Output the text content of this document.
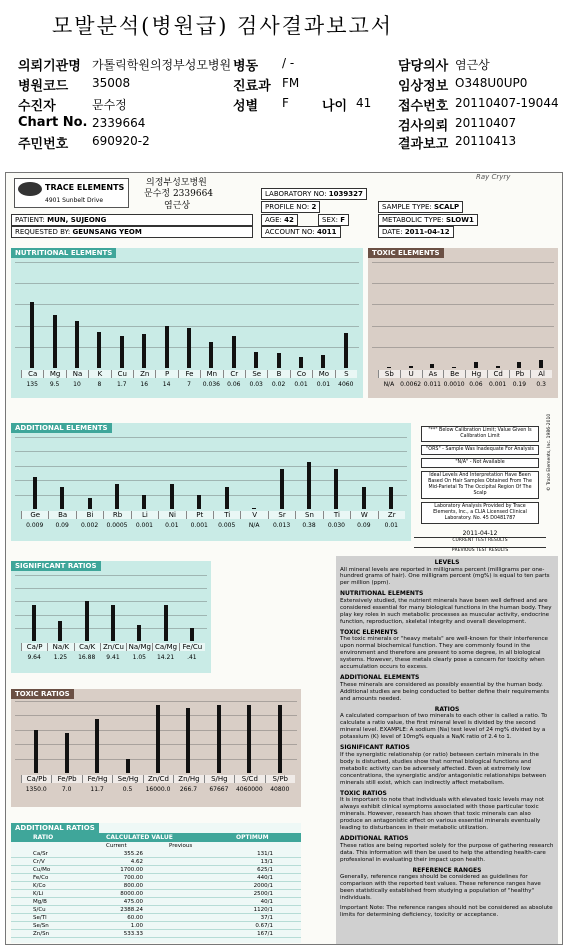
모발분석(병원급) 검사결과보고서
의뢰기관명 가톨릭학원의정부성모병원 병동 / -	담당의사 염근상
병원코드 35008	진료과 FM	임상정보 O348U0UP0
수진자	문수정	성별 F	나이 41 접수번호 20110407-19044
Chart No. 2339664	검사의뢰 20110407
주민번호 690920-2	결과보고 20110413
TRACE ELEMENTS
4901 Sunbelt Drive
의정부성모병원
문수정 2339664
염근상
Ray Cryry
LABORATORY NO: 1039327
PROFILE NO: 2	SAMPLE TYPE: SCALP
PATIENT: MUN, SUJEONG	AGE: 42	SEX: F	METABOLIC TYPE: SLOW1
REQUESTED BY: GEUNSANG YEOM	ACCOUNT NO: 4011	DATE: 2011-04-12
NUTRITIONAL ELEMENTS
Ca
135
Mg
9.5
Na
10
K
8
Cu
1.7
Zn
16
P
14
Fe
7
Mn
0.036
Cr
0.06
Se
0.03
B
0.02
Co
0.01
Mo
0.01
S
4060
TOXIC ELEMENTS
Sb
N/A
U
0.0062
As
0.011
Be
0.0010
Hg
0.06
Cd
0.001
Pb
0.19
Al
0.3
ADDITIONAL ELEMENTS
Ge
0.009
Ba
0.09
Bi
0.002
Rb
0.0005
Li
0.001
Ni
0.01
Pt
0.001
Ti
0.005
V
N/A
Sr
0.013
Sn
0.38
Ti
0.030
W
0.09
Zr
0.01
"**" Below Calibration Limit; Value Given Is Calibration Limit
"ORS" - Sample Was Inadequate For Analysis
"N/A" - Not Available
Ideal Levels And Interpretation Have Been Based On Hair Samples Obtained From The Mid-Parietal To The Occipital Region Of The Scalp
Laboratory Analysis Provided by Trace Elements, Inc., a CLIA Licensed Clinical Laboratory. No. 45 D0481787
2011-04-12
CURRENT TEST RESULTS
PREVIOUS TEST RESULTS
© Trace Elements, Inc. 1986-2010
SIGNIFICANT RATIOS
Ca/P
9.64
Na/K
1.25
Ca/K
16.88
Zn/Cu
9.41
Na/Mg
1.05
Ca/Mg
14.21
Fe/Cu
.41
TOXIC RATIOS
Ca/Pb
1350.0
Fe/Pb
7.0
Fe/Hg
11.7
Se/Hg
0.5
Zn/Cd
16000.0
Zn/Hg
266.7
S/Hg
67667
S/Cd
4060000
S/Pb
40800
ADDITIONAL RATIOS
RATIO	CALCULATED VALUE	OPTIMUM
Current	Previous
Ca/Sr	355.26	131/1
Cr/V	4.62	13/1
Cu/Mo	1700.00	625/1
Fe/Co	700.00	440/1
K/Co	800.00	2000/1
K/Li	8000.00	2500/1
Mg/B	475.00	40/1
S/Cu	2388.24	1120/1
Se/Tl	60.00	37/1
Se/Sn	1.00	0.67/1
Zn/Sn	533.33	167/1
LEVELS

All mineral levels are reported in milligrams percent (milligrams per one-hundred grams of hair). One milligram percent (mg%) is equal to ten parts per million (ppm).

NUTRITIONAL ELEMENTS

Extensively studied, the nutrient minerals have been well defined and are considered essential for many biological functions in the human body. They play key roles in such metabolic processes as muscular activity, endocrine function, reproduction, skeletal integrity and overall development.

TOXIC ELEMENTS

The toxic minerals or "heavy metals" are well-known for their interference upon normal biochemical function. They are commonly found in the environment and therefore are present to some degree, in all biological systems. However, these metals clearly pose a concern for toxicity when accumulation occurs to excess.

ADDITIONAL ELEMENTS

These minerals are considered as possibly essential by the human body. Additional studies are being conducted to better define their requirements and amounts needed.

RATIOS

A calculated comparison of two minerals to each other is called a ratio. To calculate a ratio value, the first mineral level is divided by the second mineral level. EXAMPLE: A sodium (Na) test level of 24 mg% divided by a potassium (K) level of 10mg% equals a Na/K ratio of 2.4 to 1.

SIGNIFICANT RATIOS

If the synergistic relationship (or ratio) between certain minerals in the body is disturbed, studies show that normal biological functions and metabolic activity can be adversely affected. Even at extremely low concentrations, the synergistic and/or antagonistic relationships between minerals still exist, which can indirectly affect metabolism.

TOXIC RATIOS

It is important to note that individuals with elevated toxic levels may not always exhibit clinical symptoms associated with those particular toxic minerals. However, research has shown that toxic minerals can also produce an antagonistic effect on various essential minerals eventually leading to disturbances in their metabolic utilization.

ADDITIONAL RATIOS

These ratios are being reported solely for the purpose of gathering research data. This information will then be used to help the attending health-care professional in evaluating their impact upon health.

REFERENCE RANGES

Generally, reference ranges should be considered as guidelines for comparison with the reported test values. These reference ranges have been statistically established from studying a population of "healthy" individuals.

Important Note: The reference ranges should not be considered as absolute limits for determining deficiency, toxicity or acceptance.
